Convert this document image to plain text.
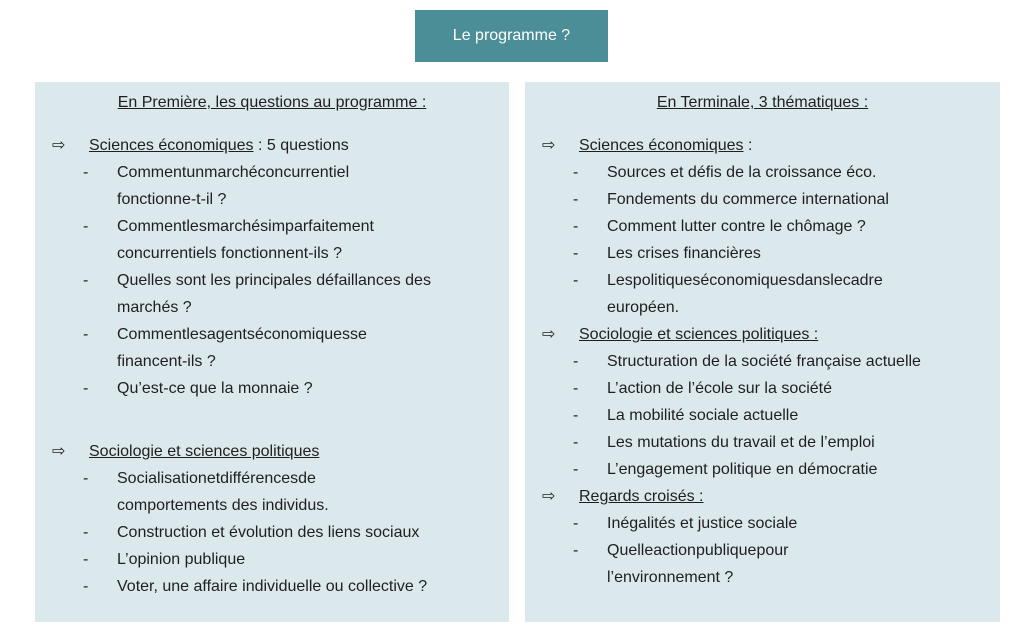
Le programme ?
En Première, les questions au programme :
⇨	Sciences économiques : 5 questions
- Commentunmarchéconcurrentiel
fonctionne-t-il ?
- Commentlesmarchésimparfaitement
concurrentiels fonctionnent-ils ?
- Quelles sont les principales défaillances des
marchés ?
- Commentlesagentséconomiquesse
financent-ils ?
- Qu’est-ce que la monnaie ?
⇨	Sociologie et sciences politiques
- Socialisationetdifférencesde
comportements des individus.
- Construction et évolution des liens sociaux
- L’opinion publique
- Voter, une affaire individuelle ou collective ?
En Terminale, 3 thématiques :
⇨	Sciences économiques :
- Sources et défis de la croissance éco.
- Fondements du commerce international
- Comment lutter contre le chômage ?
- Les crises financières
- Lespolitiqueséconomiquesdanslecadre
européen.
⇨	Sociologie et sciences politiques :
- Structuration de la société française actuelle
- L’action de l’école sur la société
- La mobilité sociale actuelle
- Les mutations du travail et de l’emploi
- L’engagement politique en démocratie
⇨	Regards croisés :
- Inégalités et justice sociale
- Quelleactionpubliquepour
l’environnement ?
